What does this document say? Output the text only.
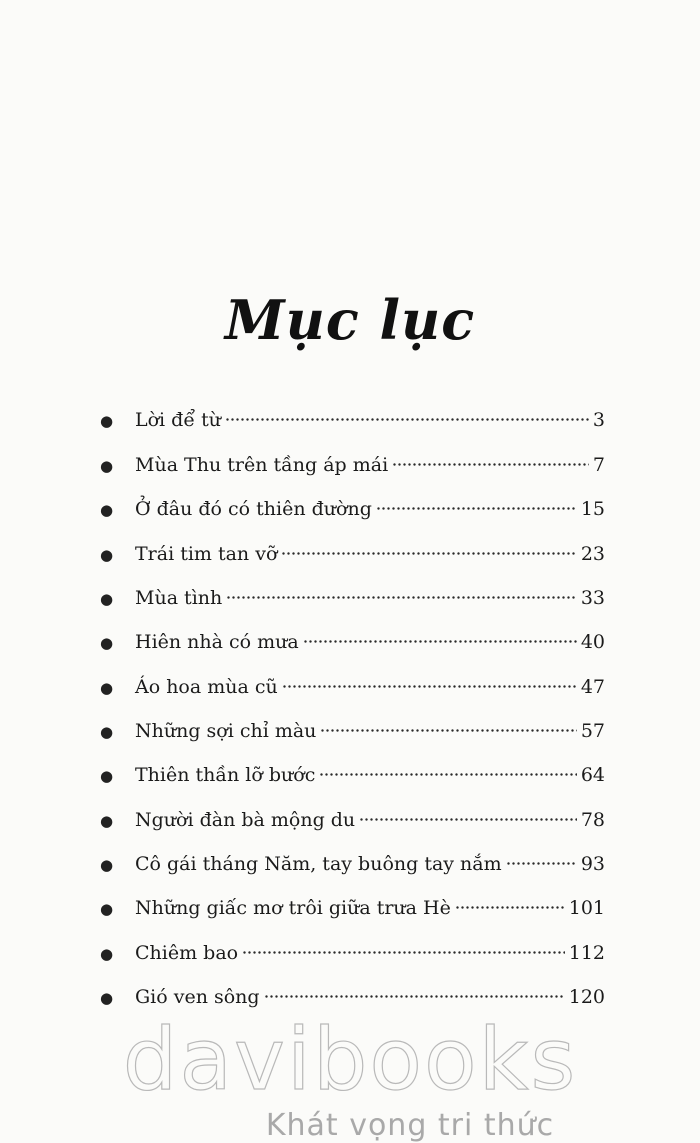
Mục lục
●	Lời để từ	3
●	Mùa Thu trên tầng áp mái	7
●	Ở đâu đó có thiên đường	15
●	Trái tim tan vỡ	23
●	Mùa tình	33
●	Hiên nhà có mưa	40
●	Áo hoa mùa cũ	47
●	Những sợi chỉ màu	57
●	Thiên thần lỡ bước	64
●	Người đàn bà mộng du	78
●	Cô gái tháng Năm, tay buông tay nắm	93
●	Những giấc mơ trôi giữa trưa Hè	101
●	Chiêm bao	112
●	Gió ven sông	120
davibooks
Khát vọng tri thức
